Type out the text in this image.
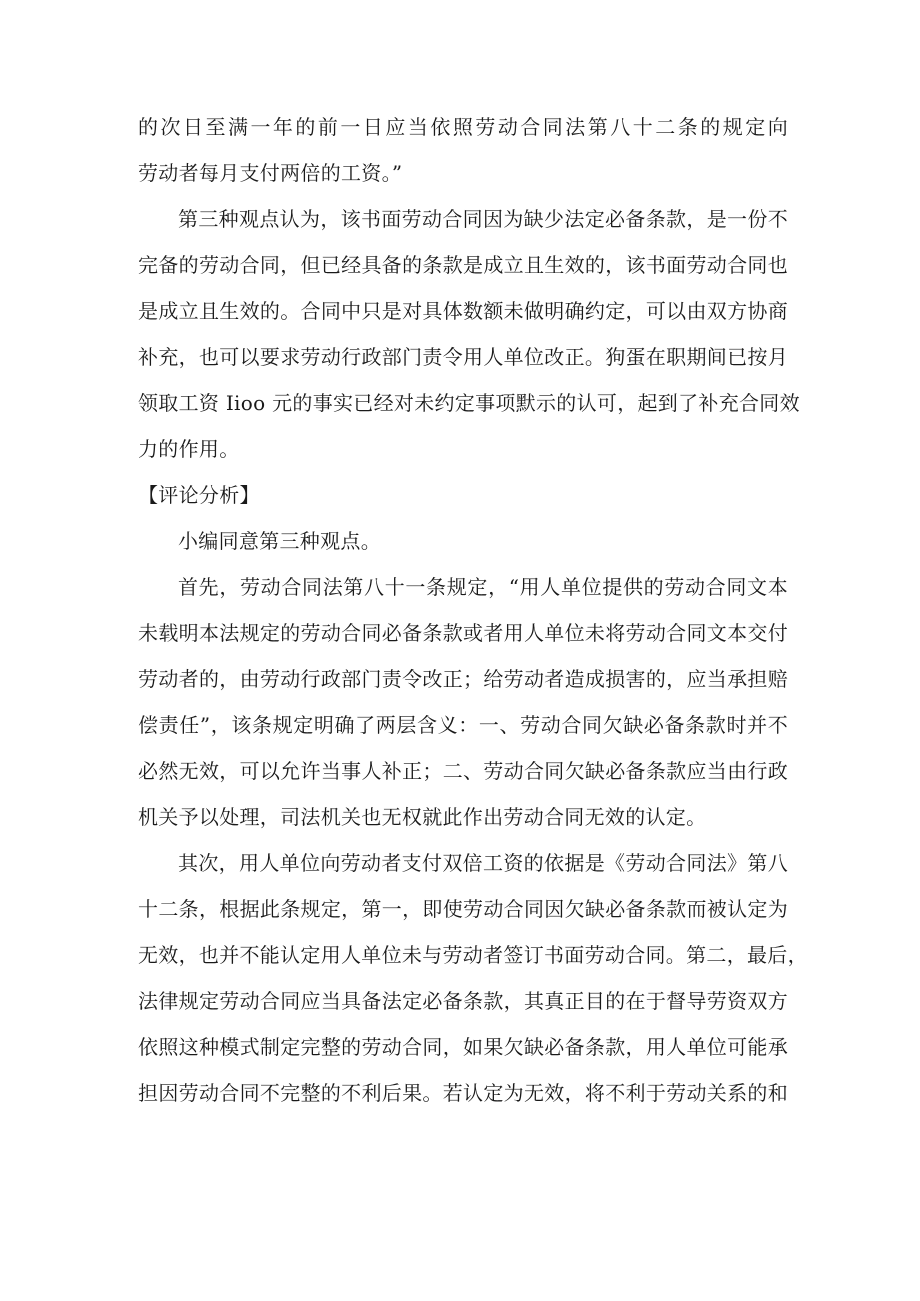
的次日至满一年的前一日应当依照劳动合同法第八十二条的规定向
劳动者每月支付两倍的工资。”
第三种观点认为，该书面劳动合同因为缺少法定必备条款，是一份不
完备的劳动合同，但已经具备的条款是成立且生效的，该书面劳动合同也
是成立且生效的。合同中只是对具体数额未做明确约定，可以由双方协商
补充，也可以要求劳动行政部门责令用人单位改正。狗蛋在职期间已按月
领取工资 Iioo 元的事实已经对未约定事项默示的认可，起到了补充合同效
力的作用。
【评论分析】
小编同意第三种观点。
首先，劳动合同法第八十一条规定，“用人单位提供的劳动合同文本
未载明本法规定的劳动合同必备条款或者用人单位未将劳动合同文本交付
劳动者的，由劳动行政部门责令改正；给劳动者造成损害的，应当承担赔
偿责任”，该条规定明确了两层含义：一、劳动合同欠缺必备条款时并不
必然无效，可以允许当事人补正；二、劳动合同欠缺必备条款应当由行政
机关予以处理，司法机关也无权就此作出劳动合同无效的认定。
其次，用人单位向劳动者支付双倍工资的依据是《劳动合同法》第八
十二条，根据此条规定，第一，即使劳动合同因欠缺必备条款而被认定为
无效，也并不能认定用人单位未与劳动者签订书面劳动合同。第二，最后，
法律规定劳动合同应当具备法定必备条款，其真正目的在于督导劳资双方
依照这种模式制定完整的劳动合同，如果欠缺必备条款，用人单位可能承
担因劳动合同不完整的不利后果。若认定为无效，将不利于劳动关系的和
